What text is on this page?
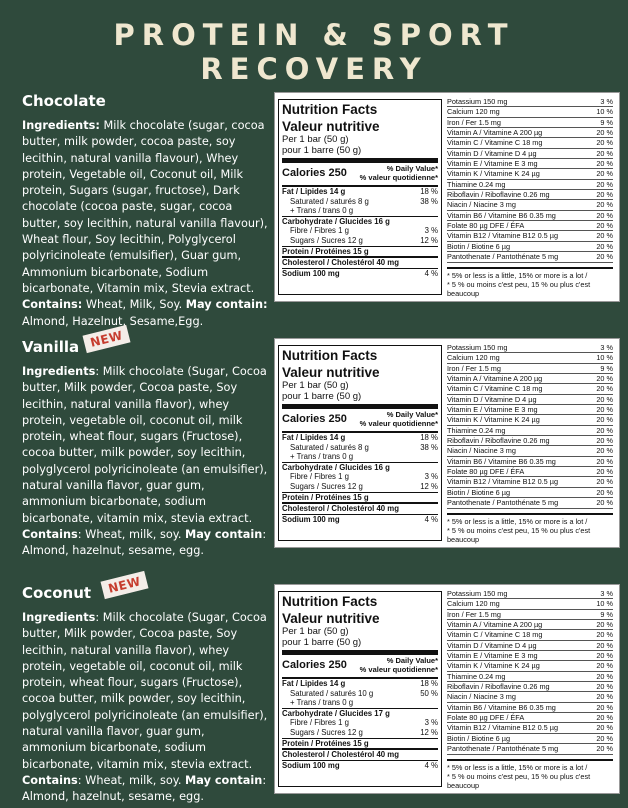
PROTEIN & SPORT RECOVERY
Chocolate

Ingredients: Milk chocolate (sugar, cocoa butter, milk powder, cocoa paste, soy lecithin, natural vanilla flavour), Whey protein, Vegetable oil, Coconut oil, Milk protein, Sugars (sugar, fructose), Dark chocolate (cocoa paste, sugar, cocoa butter, soy lecithin, natural vanilla flavour), Wheat flour, Soy lecithin, Polyglycerol polyricinoleate (emulsifier), Guar gum, Ammonium bicarbonate, Sodium bicarbonate, Vitamin mix, Stevia extract. Contains: Wheat, Milk, Soy. May contain: Almond, Hazelnut, Sesame,Egg.

Nutrition Facts
Valeur nutritive
Per 1 bar (50 g)
pour 1 barre (50 g)
Calories 250	% Daily Value*
% valeur quotidienne*
Fat / Lipides 14 g	18 %
Saturated / saturés 8 g	38 %
+ Trans / trans 0 g
Carbohydrate / Glucides 16 g
Fibre / Fibres 1 g	3 %
Sugars / Sucres 12 g	12 %
Protein / Protéines 15 g
Cholesterol / Cholestérol 40 mg
Sodium 100 mg	4 %
Potassium 150 mg	3 %
Calcium 120 mg	10 %
Iron / Fer 1.5 mg	9 %
Vitamin A / Vitamine A 200 µg	20 %
Vitamin C / Vitamine C 18 mg	20 %
Vitamin D / Vitamine D 4 µg	20 %
Vitamin E / Vitamine E 3 mg	20 %
Vitamin K / Vitamine K 24 µg	20 %
Thiamine 0.24 mg	20 %
Riboflavin / Riboflavine 0.26 mg	20 %
Niacin / Niacine 3 mg	20 %
Vitamin B6 / Vitamine B6 0.35 mg	20 %
Folate 80 µg DFE / ÉFA	20 %
Vitamin B12 / Vitamine B12 0.5 µg	20 %
Biotin / Biotine 6 µg	20 %
Pantothenate / Pantothénate 5 mg	20 %
* 5% or less is a little, 15% or more is a lot /
* 5 % ou moins c'est peu, 15 % ou plus c'est beaucoup
Vanilla NEW

Ingredients: Milk chocolate (Sugar, Cocoa butter, Milk powder, Cocoa paste, Soy lecithin, natural vanilla flavor), whey protein, vegetable oil, coconut oil, milk protein, wheat flour, sugars (Fructose), cocoa butter, milk powder, soy lecithin, polyglycerol polyricinoleate (an emulsifier), natural vanilla flavor, guar gum, ammonium bicarbonate, sodium bicarbonate, vitamin mix, stevia extract. Contains: Wheat, milk, soy. May contain: Almond, hazelnut, sesame, egg.

Nutrition Facts
Valeur nutritive
Per 1 bar (50 g)
pour 1 barre (50 g)
Calories 250	% Daily Value*
% valeur quotidienne*
Fat / Lipides 14 g	18 %
Saturated / saturés 8 g	38 %
+ Trans / trans 0 g
Carbohydrate / Glucides 16 g
Fibre / Fibres 1 g	3 %
Sugars / Sucres 12 g	12 %
Protein / Protéines 15 g
Cholesterol / Cholestérol 40 mg
Sodium 100 mg	4 %
Potassium 150 mg	3 %
Calcium 120 mg	10 %
Iron / Fer 1.5 mg	9 %
Vitamin A / Vitamine A 200 µg	20 %
Vitamin C / Vitamine C 18 mg	20 %
Vitamin D / Vitamine D 4 µg	20 %
Vitamin E / Vitamine E 3 mg	20 %
Vitamin K / Vitamine K 24 µg	20 %
Thiamine 0.24 mg	20 %
Riboflavin / Riboflavine 0.26 mg	20 %
Niacin / Niacine 3 mg	20 %
Vitamin B6 / Vitamine B6 0.35 mg	20 %
Folate 80 µg DFE / ÉFA	20 %
Vitamin B12 / Vitamine B12 0.5 µg	20 %
Biotin / Biotine 6 µg	20 %
Pantothenate / Pantothénate 5 mg	20 %
* 5% or less is a little, 15% or more is a lot /
* 5 % ou moins c'est peu, 15 % ou plus c'est beaucoup
Coconut	NEW

Ingredients: Milk chocolate (Sugar, Cocoa butter, Milk powder, Cocoa paste, Soy lecithin, natural vanilla flavor), whey protein, vegetable oil, coconut oil, milk protein, wheat flour, sugars (Fructose), cocoa butter, milk powder, soy lecithin, polyglycerol polyricinoleate (an emulsifier), natural vanilla flavor, guar gum, ammonium bicarbonate, sodium bicarbonate, vitamin mix, stevia extract. Contains: Wheat, milk, soy. May contain: Almond, hazelnut, sesame, egg.

Nutrition Facts
Valeur nutritive
Per 1 bar (50 g)
pour 1 barre (50 g)
Calories 250	% Daily Value*
% valeur quotidienne*
Fat / Lipides 14 g	18 %
Saturated / saturés 10 g	50 %
+ Trans / trans 0 g
Carbohydrate / Glucides 17 g
Fibre / Fibres 1 g	3 %
Sugars / Sucres 12 g	12 %
Protein / Protéines 15 g
Cholesterol / Cholestérol 40 mg
Sodium 100 mg	4 %
Potassium 150 mg	3 %
Calcium 120 mg	10 %
Iron / Fer 1.5 mg	9 %
Vitamin A / Vitamine A 200 µg	20 %
Vitamin C / Vitamine C 18 mg	20 %
Vitamin D / Vitamine D 4 µg	20 %
Vitamin E / Vitamine E 3 mg	20 %
Vitamin K / Vitamine K 24 µg	20 %
Thiamine 0.24 mg	20 %
Riboflavin / Riboflavine 0.26 mg	20 %
Niacin / Niacine 3 mg	20 %
Vitamin B6 / Vitamine B6 0.35 mg	20 %
Folate 80 µg DFE / ÉFA	20 %
Vitamin B12 / Vitamine B12 0.5 µg	20 %
Biotin / Biotine 6 µg	20 %
Pantothenate / Pantothénate 5 mg	20 %
* 5% or less is a little, 15% or more is a lot /
* 5 % ou moins c'est peu, 15 % ou plus c'est beaucoup
